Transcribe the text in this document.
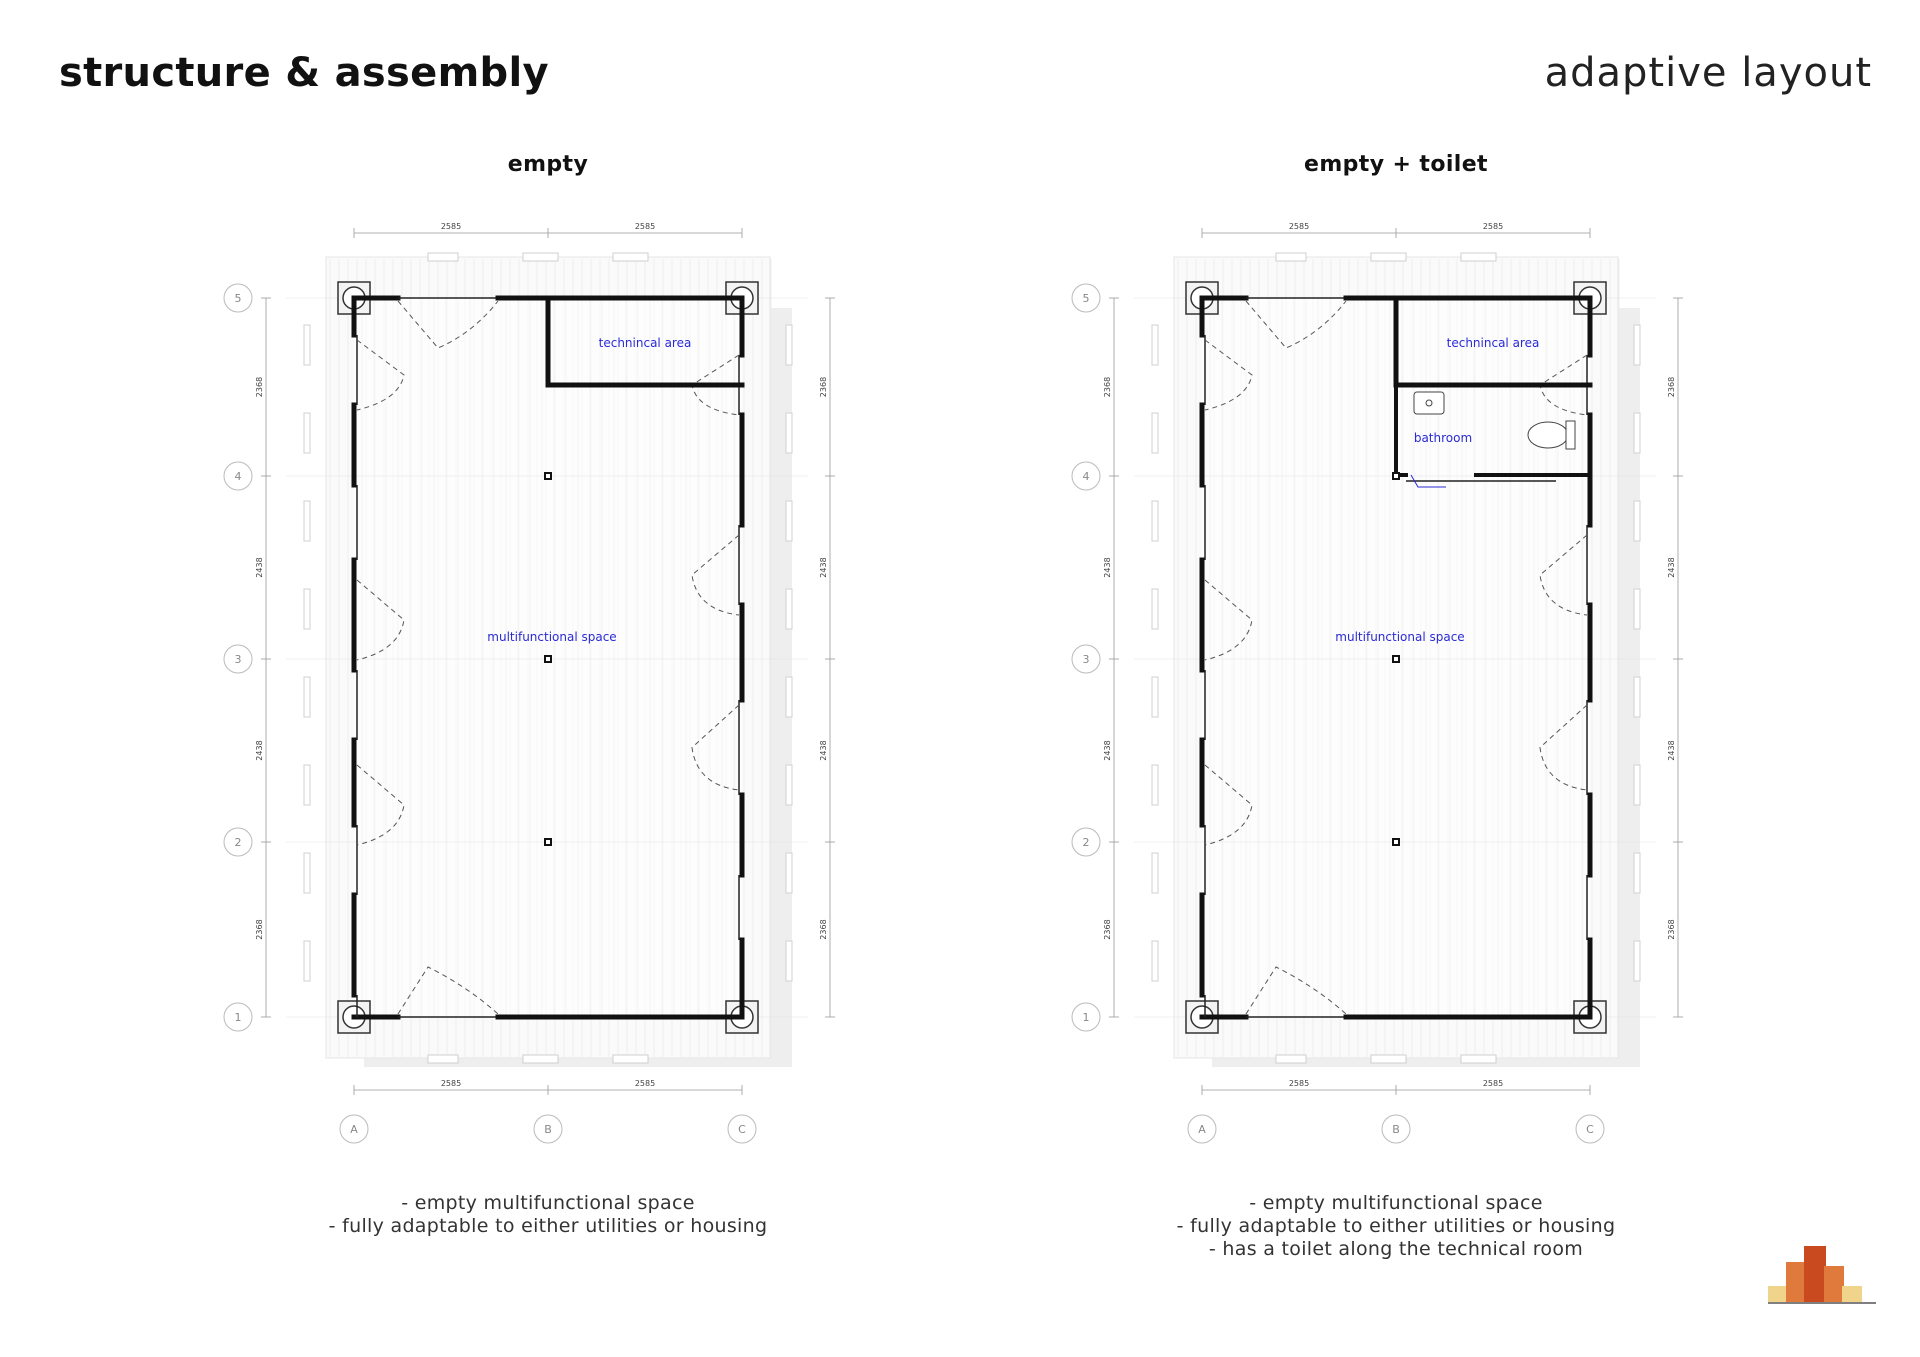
structure & assembly	adaptive layout
empty
2585	2585
2585	2585
2368
2438
2438
2368
2368
2438
2438
2368
5
4
3
2
1
A	B	C
technincal area
multifunctional space
- empty multifunctional space
- fully adaptable to either utilities or housing
empty + toilet
2585	2585
2585	2585
2368
2438
2438
2368
2368
2438
2438
2368
5
4
3
2
1
A	B	C
technincal area
bathroom
multifunctional space
- empty multifunctional space
- fully adaptable to either utilities or housing
- has a toilet along the technical room
